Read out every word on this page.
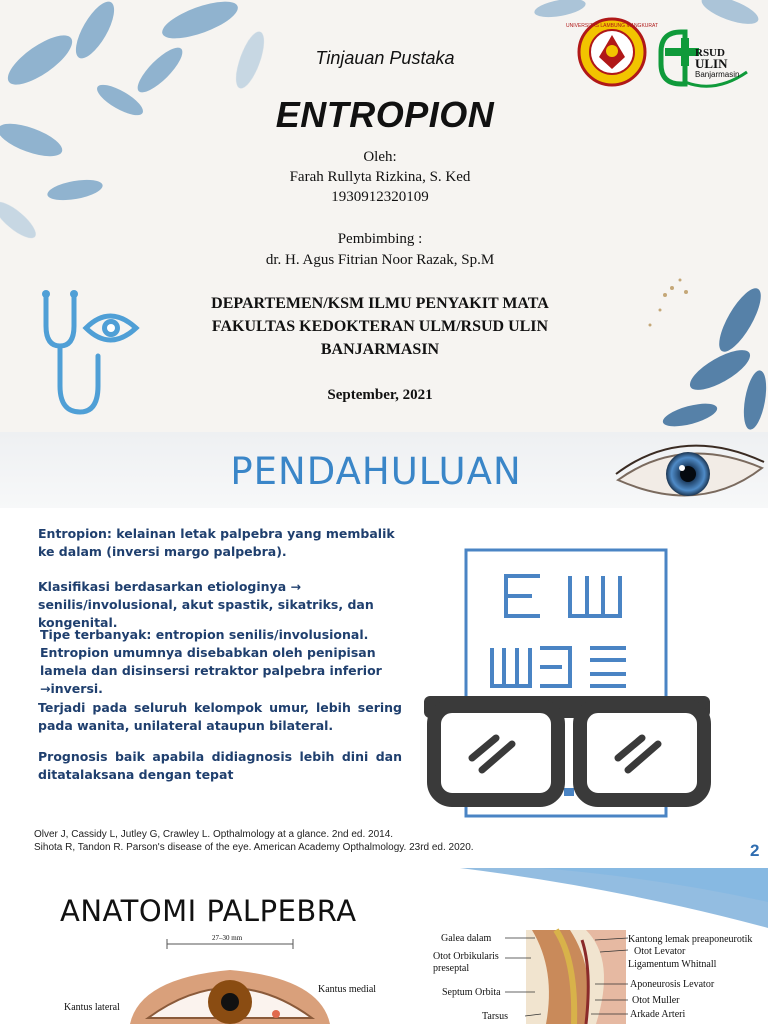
Tinjauan Pustaka
ENTROPION
Oleh:
Farah Rullyta Rizkina, S. Ked
1930912320109
Pembimbing :
dr. H. Agus Fitrian Noor Razak, Sp.M
DEPARTEMEN/KSM ILMU PENYAKIT MATA
FAKULTAS KEDOKTERAN ULM/RSUD ULIN
BANJARMASIN
September, 2021
UNIVERSITAS LAMBUNG MANGKURAT
RSUD
ULIN
Banjarmasin
PENDAHULUAN
Entropion: kelainan letak palpebra yang membalik ke dalam (inversi margo palpebra).
Klasifikasi berdasarkan etiologinya → senilis/involusional, akut spastik, sikatriks, dan kongenital.
Tipe terbanyak: entropion senilis/involusional. Entropion umumnya disebabkan oleh penipisan lamela dan disinsersi retraktor palpebra inferior →inversi.
Terjadi pada seluruh kelompok umur, lebih sering pada wanita, unilateral ataupun bilateral.
Prognosis baik apabila didiagnosis lebih dini dan ditatalaksana dengan tepat
Olver J, Cassidy L, Jutley G, Crawley L. Opthalmology at a glance. 2nd ed. 2014.
Sihota R, Tandon R. Parson's disease of the eye. American Academy Opthalmology. 23rd ed. 2020.	2
ANATOMI PALPEBRA
27–30 mm
Kantus lateral
Kantus medial
Galea dalam
Otot Orbikularis preseptal
Septum Orbita
Tarsus
Kantong lemak preaponeurotik
Otot Levator
Ligamentum Whitnall
Aponeurosis Levator
Otot Muller
Arkade Arteri
